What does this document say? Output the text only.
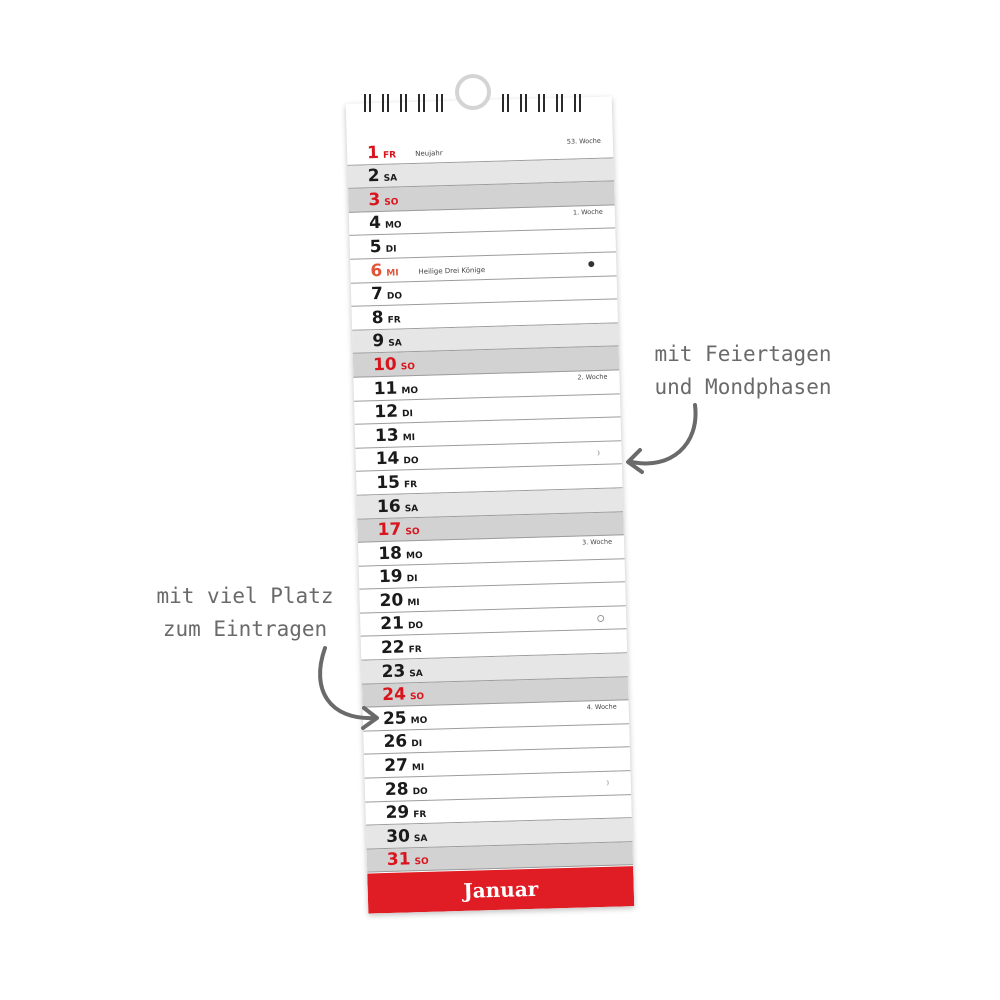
1 FR	Neujahr
53. Woche
2 SA
3 SO
4 MO
1. Woche
5 DI
6 MI	Heilige Drei Könige
7 DO
8 FR
9 SA
10 SO
11 MO
2. Woche
12 DI
13 MI
14 DO
15 FR
16 SA
17 SO
18 MO
3. Woche
19 DI
20 MI
21 DO
22 FR
23 SA
24 SO
25 MO
4. Woche
26 DI
27 MI
28 DO
29 FR
30 SA
31 SO
Januar
mit Feiertagen
und Mondphasen
mit viel Platz
zum Eintragen
